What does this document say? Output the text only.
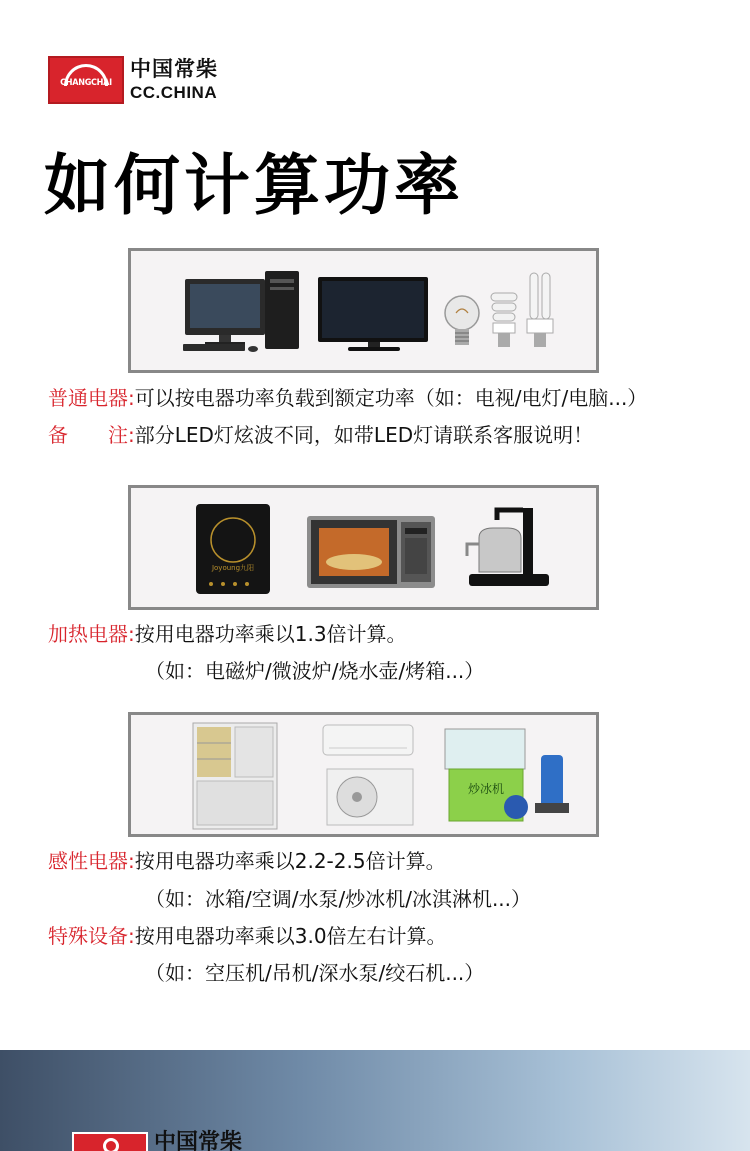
CHANGCHAI
中国常柴
CC.CHINA
如何计算功率
普通电器:可以按电器功率负载到额定功率（如：电视/电灯/电脑...）
备　　注:部分LED灯炫波不同，如带LED灯请联系客服说明！
Joyoung九阳
加热电器:按用电器功率乘以1.3倍计算。
（如：电磁炉/微波炉/烧水壶/烤箱...）
炒冰机
感性电器:按用电器功率乘以2.2-2.5倍计算。
（如：冰箱/空调/水泵/炒冰机/冰淇淋机...）
特殊设备:按用电器功率乘以3.0倍左右计算。
（如：空压机/吊机/深水泵/绞石机...）
中国常柴
